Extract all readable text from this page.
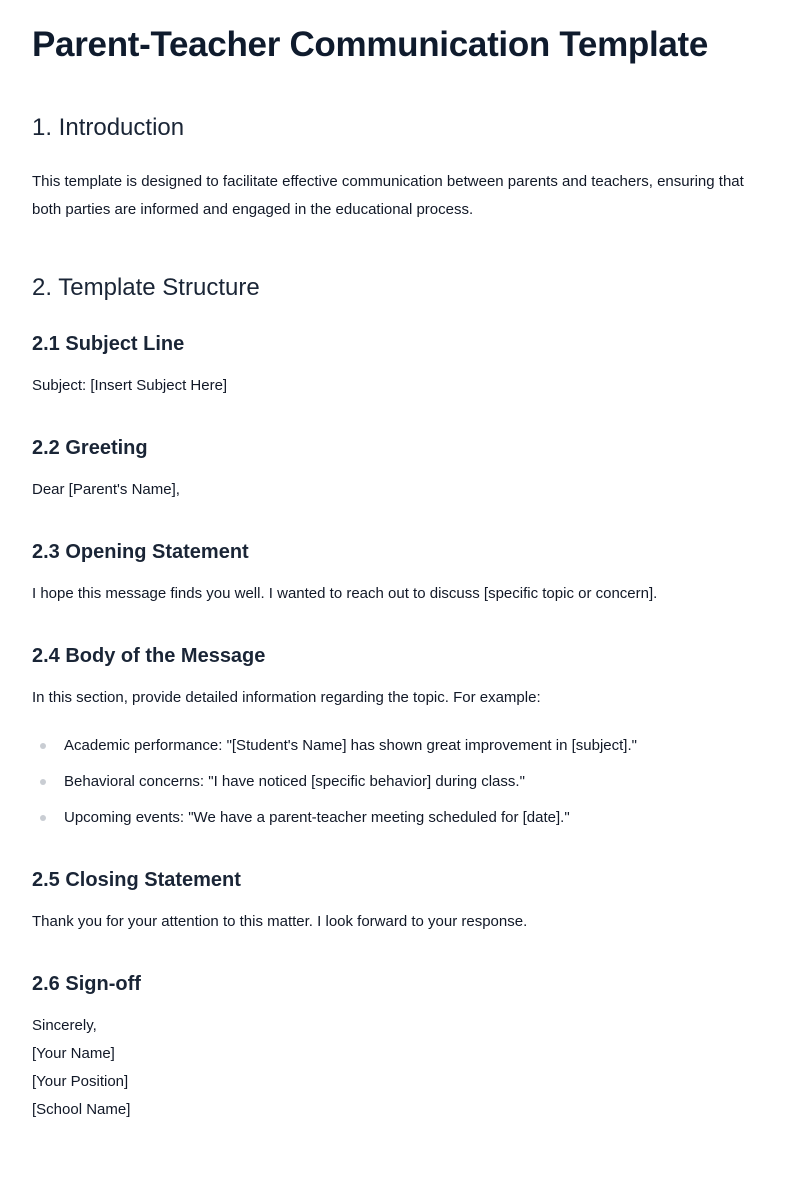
Parent-Teacher Communication Template
1. Introduction

This template is designed to facilitate effective communication between parents and teachers, ensuring that both parties are informed and engaged in the educational process.

2. Template Structure
2.1 Subject Line

Subject: [Insert Subject Here]

2.2 Greeting

Dear [Parent's Name],

2.3 Opening Statement

I hope this message finds you well. I wanted to reach out to discuss [specific topic or concern].

2.4 Body of the Message

In this section, provide detailed information regarding the topic. For example:

Academic performance: "[Student's Name] has shown great improvement in [subject]."
Behavioral concerns: "I have noticed [specific behavior] during class."
Upcoming events: "We have a parent-teacher meeting scheduled for [date]."
2.5 Closing Statement

Thank you for your attention to this matter. I look forward to your response.

2.6 Sign-off

Sincerely,
[Your Name]
[Your Position]
[School Name]
